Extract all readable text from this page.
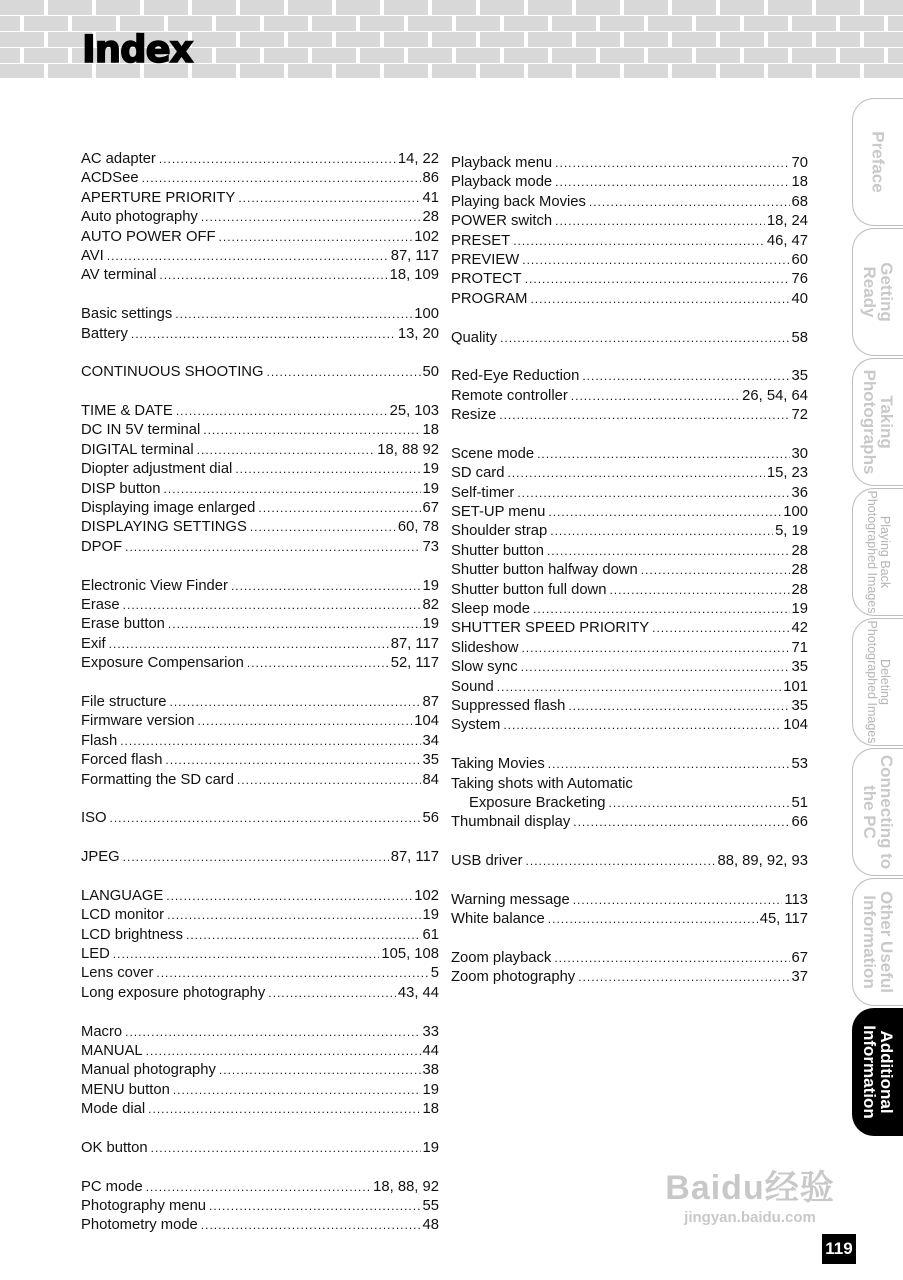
Index
AC adapter .....	14, 22
ACDSee .....	86
APERTURE PRIORITY .....	41
Auto photography .....	28
AUTO POWER OFF .....	102
AVI .....	87, 117
AV terminal .....	18, 109
Basic settings .....	100
Battery .....	13, 20
CONTINUOUS SHOOTING .....	50
TIME & DATE .....	25, 103
DC IN 5V terminal .....	18
DIGITAL terminal .....	18, 88 92
Diopter adjustment dial .....	19
DISP button .....	19
Displaying image enlarged .....	67
DISPLAYING SETTINGS .....	60, 78
DPOF .....	73
Electronic View Finder .....	19
Erase .....	82
Erase button .....	19
Exif .....	87, 117
Exposure Compensarion .....	52, 117
File structure .....	87
Firmware version .....	104
Flash .....	34
Forced flash .....	35
Formatting the SD card .....	84
ISO .....	56
JPEG .....	87, 117
LANGUAGE .....	102
LCD monitor .....	19
LCD brightness .....	61
LED .....	105, 108
Lens cover .....	5
Long exposure photography .....	43, 44
Macro .....	33
MANUAL .....	44
Manual photography .....	38
MENU button .....	19
Mode dial .....	18
OK button .....	19
PC mode .....	18, 88, 92
Photography menu .....	55
Photometry mode .....	48
Playback menu .....	70
Playback mode .....	18
Playing back Movies .....	68
POWER switch .....	18, 24
PRESET .....	46, 47
PREVIEW .....	60
PROTECT .....	76
PROGRAM .....	40
Quality .....	58
Red-Eye Reduction .....	35
Remote controller .....	26, 54, 64
Resize .....	72
Scene mode .....	30
SD card .....	15, 23
Self-timer .....	36
SET-UP menu .....	100
Shoulder strap .....	5, 19
Shutter button .....	28
Shutter button halfway down .....	28
Shutter button full down .....	28
Sleep mode .....	19
SHUTTER SPEED PRIORITY .....	42
Slideshow .....	71
Slow sync .....	35
Sound .....	101
Suppressed flash .....	35
System .....	104
Taking Movies .....	53
Taking shots with Automatic
Exposure Bracketing .....	51
Thumbnail display .....	66
USB driver .....	88, 89, 92, 93
Warning message .....	113
White balance .....	45, 117
Zoom playback .....	67
Zoom photography .....	37
Preface
Getting
Ready
Taking
Photographs
Playing Back
Photographed Images
Deleting
Photographed Images
Connecting to
the PC
Other Useful
Information
Additional
Information
Baidu经验
jingyan.baidu.com
119
